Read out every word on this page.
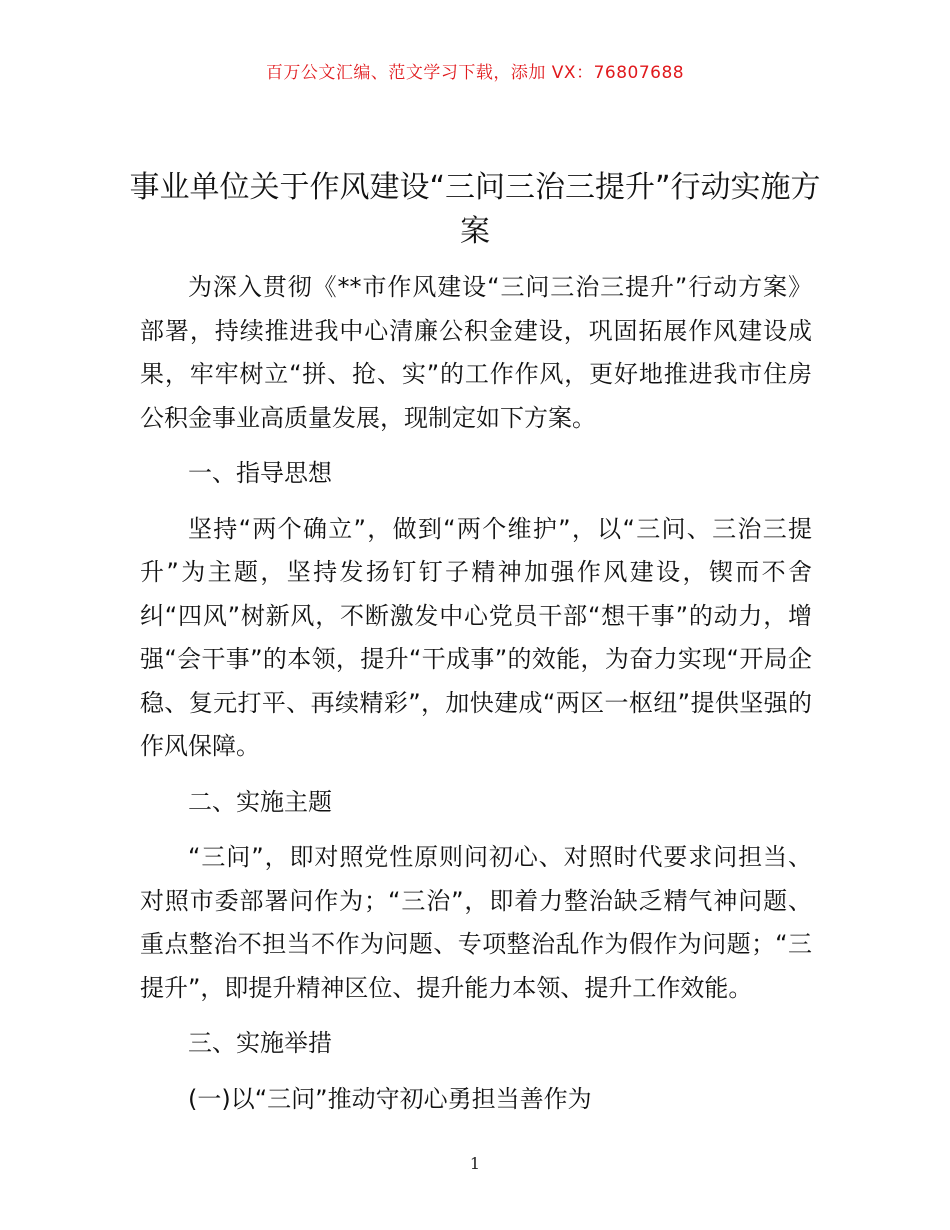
百万公文汇编、范文学习下载，添加 VX：76807688
事业单位关于作风建设“三问三治三提升”行动实施方案

为深入贯彻《**市作风建设“三问三治三提升”行动方案》部署，持续推进我中心清廉公积金建设，巩固拓展作风建设成果，牢牢树立“拼、抢、实”的工作作风，更好地推进我市住房公积金事业高质量发展，现制定如下方案。

一、指导思想

坚持“两个确立”，做到“两个维护”，以“三问、三治三提升”为主题，坚持发扬钉钉子精神加强作风建设，锲而不舍纠“四风”树新风，不断激发中心党员干部“想干事”的动力，增强“会干事”的本领，提升“干成事”的效能，为奋力实现“开局企稳、复元打平、再续精彩”，加快建成“两区一枢纽”提供坚强的作风保障。

二、实施主题

“三问”，即对照党性原则问初心、对照时代要求问担当、对照市委部署问作为；“三治”，即着力整治缺乏精气神问题、重点整治不担当不作为问题、专项整治乱作为假作为问题；“三提升”，即提升精神区位、提升能力本领、提升工作效能。

三、实施举措

(一)以“三问”推动守初心勇担当善作为

1
